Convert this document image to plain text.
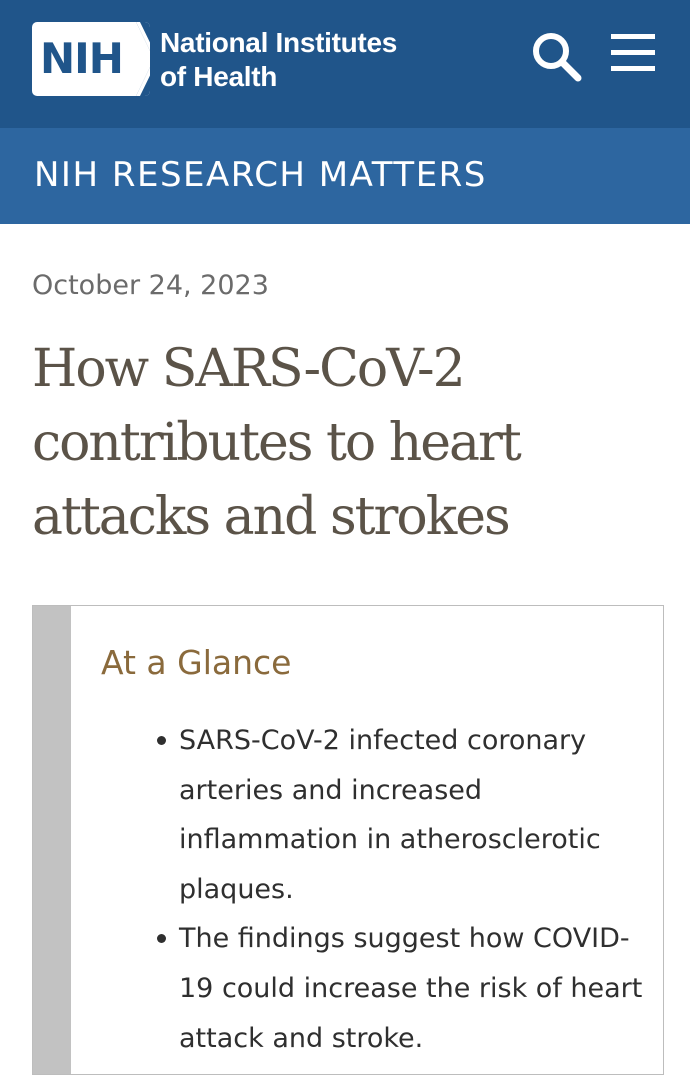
NIH National Institutes
of Health
NIH RESEARCH MATTERS
October 24, 2023
How SARS-CoV-2 contributes to heart attacks and strokes
At a Glance
SARS-CoV-2 infected coronary arteries and increased inflammation in atherosclerotic plaques.
The findings suggest how COVID-19 could increase the risk of heart attack and stroke.
